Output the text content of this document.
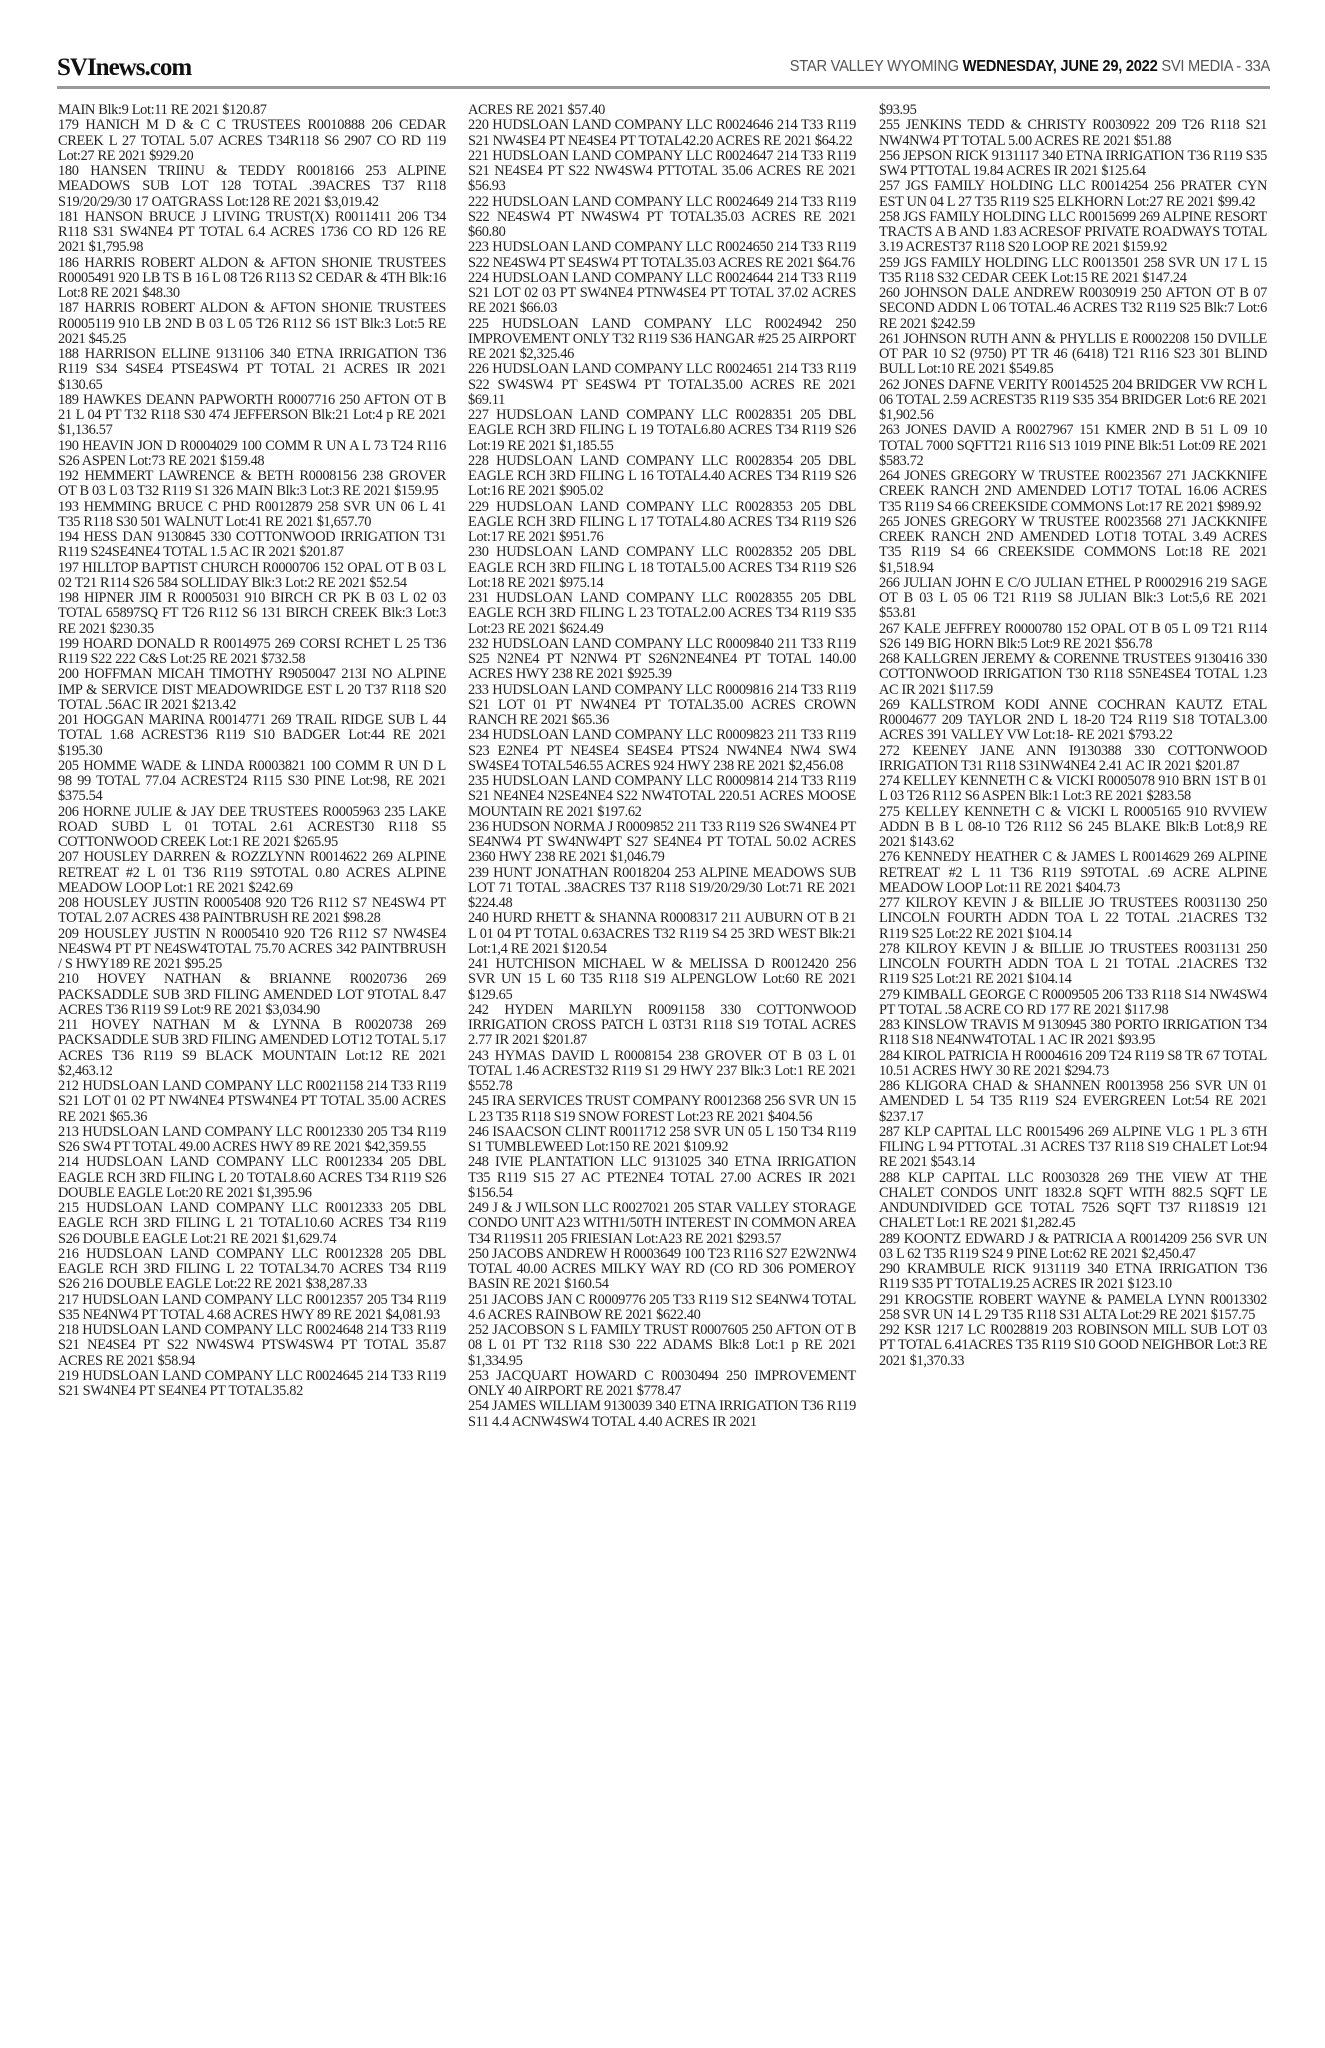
SVInews.com	STAR VALLEY WYOMING WEDNESDAY, JUNE 29, 2022 SVI MEDIA - 33A

MAIN Blk:9 Lot:11 RE 2021 $120.87

179 HANICH M D & C C TRUSTEES R0010888 206 CEDAR CREEK L 27 TOTAL 5.07 ACRES T34R118 S6 2907 CO RD 119 Lot:27 RE 2021 $929.20

180 HANSEN TRIINU & TEDDY R0018166 253 ALPINE MEADOWS SUB LOT 128 TOTAL .39ACRES T37 R118 S19/20/29/30 17 OATGRASS Lot:128 RE 2021 $3,019.42

181 HANSON BRUCE J LIVING TRUST(X) R0011411 206 T34 R118 S31 SW4NE4 PT TOTAL 6.4 ACRES 1736 CO RD 126 RE 2021 $1,795.98

186 HARRIS ROBERT ALDON & AFTON SHONIE TRUSTEES R0005491 920 LB TS B 16 L 08 T26 R113 S2 CEDAR & 4TH Blk:16 Lot:8 RE 2021 $48.30

187 HARRIS ROBERT ALDON & AFTON SHONIE TRUSTEES R0005119 910 LB 2ND B 03 L 05 T26 R112 S6 1ST Blk:3 Lot:5 RE 2021 $45.25

188 HARRISON ELLINE 9131106 340 ETNA IRRIGATION T36 R119 S34 S4SE4 PTSE4SW4 PT TOTAL 21 ACRES IR 2021 $130.65

189 HAWKES DEANN PAPWORTH R0007716 250 AFTON OT B 21 L 04 PT T32 R118 S30 474 JEFFERSON Blk:21 Lot:4 p RE 2021 $1,136.57

190 HEAVIN JON D R0004029 100 COMM R UN A L 73 T24 R116 S26 ASPEN Lot:73 RE 2021 $159.48

192 HEMMERT LAWRENCE & BETH R0008156 238 GROVER OT B 03 L 03 T32 R119 S1 326 MAIN Blk:3 Lot:3 RE 2021 $159.95

193 HEMMING BRUCE C PHD R0012879 258 SVR UN 06 L 41 T35 R118 S30 501 WALNUT Lot:41 RE 2021 $1,657.70

194 HESS DAN 9130845 330 COTTONWOOD IRRIGATION T31 R119 S24SE4NE4 TOTAL 1.5 AC IR 2021 $201.87

197 HILLTOP BAPTIST CHURCH R0000706 152 OPAL OT B 03 L 02 T21 R114 S26 584 SOLLIDAY Blk:3 Lot:2 RE 2021 $52.54

198 HIPNER JIM R R0005031 910 BIRCH CR PK B 03 L 02 03 TOTAL 65897SQ FT T26 R112 S6 131 BIRCH CREEK Blk:3 Lot:3 RE 2021 $230.35

199 HOARD DONALD R R0014975 269 CORSI RCHET L 25 T36 R119 S22 222 C&S Lot:25 RE 2021 $732.58

200 HOFFMAN MICAH TIMOTHY R9050047 213I NO ALPINE IMP & SERVICE DIST MEADOWRIDGE EST L 20 T37 R118 S20 TOTAL .56AC IR 2021 $213.42

201 HOGGAN MARINA R0014771 269 TRAIL RIDGE SUB L 44 TOTAL 1.68 ACREST36 R119 S10 BADGER Lot:44 RE 2021 $195.30

205 HOMME WADE & LINDA R0003821 100 COMM R UN D L 98 99 TOTAL 77.04 ACREST24 R115 S30 PINE Lot:98, RE 2021 $375.54

206 HORNE JULIE & JAY DEE TRUSTEES R0005963 235 LAKE ROAD SUBD L 01 TOTAL 2.61 ACREST30 R118 S5 COTTONWOOD CREEK Lot:1 RE 2021 $265.95

207 HOUSLEY DARREN & ROZZLYNN R0014622 269 ALPINE RETREAT #2 L 01 T36 R119 S9TOTAL 0.80 ACRES ALPINE MEADOW LOOP Lot:1 RE 2021 $242.69

208 HOUSLEY JUSTIN R0005408 920 T26 R112 S7 NE4SW4 PT TOTAL 2.07 ACRES 438 PAINTBRUSH RE 2021 $98.28

209 HOUSLEY JUSTIN N R0005410 920 T26 R112 S7 NW4SE4 NE4SW4 PT PT NE4SW4TOTAL 75.70 ACRES 342 PAINTBRUSH / S HWY189 RE 2021 $95.25

210 HOVEY NATHAN & BRIANNE R0020736 269 PACKSADDLE SUB 3RD FILING AMENDED LOT 9TOTAL 8.47 ACRES T36 R119 S9 Lot:9 RE 2021 $3,034.90

211 HOVEY NATHAN M & LYNNA B R0020738 269 PACKSADDLE SUB 3RD FILING AMENDED LOT12 TOTAL 5.17 ACRES T36 R119 S9 BLACK MOUNTAIN Lot:12 RE 2021 $2,463.12

212 HUDSLOAN LAND COMPANY LLC R0021158 214 T33 R119 S21 LOT 01 02 PT NW4NE4 PTSW4NE4 PT TOTAL 35.00 ACRES RE 2021 $65.36

213 HUDSLOAN LAND COMPANY LLC R0012330 205 T34 R119 S26 SW4 PT TOTAL 49.00 ACRES HWY 89 RE 2021 $42,359.55

214 HUDSLOAN LAND COMPANY LLC R0012334 205 DBL EAGLE RCH 3RD FILING L 20 TOTAL8.60 ACRES T34 R119 S26 DOUBLE EAGLE Lot:20 RE 2021 $1,395.96

215 HUDSLOAN LAND COMPANY LLC R0012333 205 DBL EAGLE RCH 3RD FILING L 21 TOTAL10.60 ACRES T34 R119 S26 DOUBLE EAGLE Lot:21 RE 2021 $1,629.74

216 HUDSLOAN LAND COMPANY LLC R0012328 205 DBL EAGLE RCH 3RD FILING L 22 TOTAL34.70 ACRES T34 R119 S26 216 DOUBLE EAGLE Lot:22 RE 2021 $38,287.33

217 HUDSLOAN LAND COMPANY LLC R0012357 205 T34 R119 S35 NE4NW4 PT TOTAL 4.68 ACRES HWY 89 RE 2021 $4,081.93

218 HUDSLOAN LAND COMPANY LLC R0024648 214 T33 R119 S21 NE4SE4 PT S22 NW4SW4 PTSW4SW4 PT TOTAL 35.87 ACRES RE 2021 $58.94

219 HUDSLOAN LAND COMPANY LLC R0024645 214 T33 R119 S21 SW4NE4 PT SE4NE4 PT TOTAL35.82

ACRES RE 2021 $57.40

220 HUDSLOAN LAND COMPANY LLC R0024646 214 T33 R119 S21 NW4SE4 PT NE4SE4 PT TOTAL42.20 ACRES RE 2021 $64.22

221 HUDSLOAN LAND COMPANY LLC R0024647 214 T33 R119 S21 NE4SE4 PT S22 NW4SW4 PTTOTAL 35.06 ACRES RE 2021 $56.93

222 HUDSLOAN LAND COMPANY LLC R0024649 214 T33 R119 S22 NE4SW4 PT NW4SW4 PT TOTAL35.03 ACRES RE 2021 $60.80

223 HUDSLOAN LAND COMPANY LLC R0024650 214 T33 R119 S22 NE4SW4 PT SE4SW4 PT TOTAL35.03 ACRES RE 2021 $64.76

224 HUDSLOAN LAND COMPANY LLC R0024644 214 T33 R119 S21 LOT 02 03 PT SW4NE4 PTNW4SE4 PT TOTAL 37.02 ACRES RE 2021 $66.03

225 HUDSLOAN LAND COMPANY LLC R0024942 250 IMPROVEMENT ONLY T32 R119 S36 HANGAR #25 25 AIRPORT RE 2021 $2,325.46

226 HUDSLOAN LAND COMPANY LLC R0024651 214 T33 R119 S22 SW4SW4 PT SE4SW4 PT TOTAL35.00 ACRES RE 2021 $69.11

227 HUDSLOAN LAND COMPANY LLC R0028351 205 DBL EAGLE RCH 3RD FILING L 19 TOTAL6.80 ACRES T34 R119 S26 Lot:19 RE 2021 $1,185.55

228 HUDSLOAN LAND COMPANY LLC R0028354 205 DBL EAGLE RCH 3RD FILING L 16 TOTAL4.40 ACRES T34 R119 S26 Lot:16 RE 2021 $905.02

229 HUDSLOAN LAND COMPANY LLC R0028353 205 DBL EAGLE RCH 3RD FILING L 17 TOTAL4.80 ACRES T34 R119 S26 Lot:17 RE 2021 $951.76

230 HUDSLOAN LAND COMPANY LLC R0028352 205 DBL EAGLE RCH 3RD FILING L 18 TOTAL5.00 ACRES T34 R119 S26 Lot:18 RE 2021 $975.14

231 HUDSLOAN LAND COMPANY LLC R0028355 205 DBL EAGLE RCH 3RD FILING L 23 TOTAL2.00 ACRES T34 R119 S35 Lot:23 RE 2021 $624.49

232 HUDSLOAN LAND COMPANY LLC R0009840 211 T33 R119 S25 N2NE4 PT N2NW4 PT S26N2NE4NE4 PT TOTAL 140.00 ACRES HWY 238 RE 2021 $925.39

233 HUDSLOAN LAND COMPANY LLC R0009816 214 T33 R119 S21 LOT 01 PT NW4NE4 PT TOTAL35.00 ACRES CROWN RANCH RE 2021 $65.36

234 HUDSLOAN LAND COMPANY LLC R0009823 211 T33 R119 S23 E2NE4 PT NE4SE4 SE4SE4 PTS24 NW4NE4 NW4 SW4 SW4SE4 TOTAL546.55 ACRES 924 HWY 238 RE 2021 $2,456.08

235 HUDSLOAN LAND COMPANY LLC R0009814 214 T33 R119 S21 NE4NE4 N2SE4NE4 S22 NW4TOTAL 220.51 ACRES MOOSE MOUNTAIN RE 2021 $197.62

236 HUDSON NORMA J R0009852 211 T33 R119 S26 SW4NE4 PT SE4NW4 PT SW4NW4PT S27 SE4NE4 PT TOTAL 50.02 ACRES 2360 HWY 238 RE 2021 $1,046.79

239 HUNT JONATHAN R0018204 253 ALPINE MEADOWS SUB LOT 71 TOTAL .38ACRES T37 R118 S19/20/29/30 Lot:71 RE 2021 $224.48

240 HURD RHETT & SHANNA R0008317 211 AUBURN OT B 21 L 01 04 PT TOTAL 0.63ACRES T32 R119 S4 25 3RD WEST Blk:21 Lot:1,4 RE 2021 $120.54

241 HUTCHISON MICHAEL W & MELISSA D R0012420 256 SVR UN 15 L 60 T35 R118 S19 ALPENGLOW Lot:60 RE 2021 $129.65

242 HYDEN MARILYN R0091158 330 COTTONWOOD IRRIGATION CROSS PATCH L 03T31 R118 S19 TOTAL ACRES 2.77 IR 2021 $201.87

243 HYMAS DAVID L R0008154 238 GROVER OT B 03 L 01 TOTAL 1.46 ACREST32 R119 S1 29 HWY 237 Blk:3 Lot:1 RE 2021 $552.78

245 IRA SERVICES TRUST COMPANY R0012368 256 SVR UN 15 L 23 T35 R118 S19 SNOW FOREST Lot:23 RE 2021 $404.56

246 ISAACSON CLINT R0011712 258 SVR UN 05 L 150 T34 R119 S1 TUMBLEWEED Lot:150 RE 2021 $109.92

248 IVIE PLANTATION LLC 9131025 340 ETNA IRRIGATION T35 R119 S15 27 AC PTE2NE4 TOTAL 27.00 ACRES IR 2021 $156.54

249 J & J WILSON LLC R0027021 205 STAR VALLEY STORAGE CONDO UNIT A23 WITH1/50TH INTEREST IN COMMON AREA T34 R119S11 205 FRIESIAN Lot:A23 RE 2021 $293.57

250 JACOBS ANDREW H R0003649 100 T23 R116 S27 E2W2NW4 TOTAL 40.00 ACRES MILKY WAY RD (CO RD 306 POMEROY BASIN RE 2021 $160.54

251 JACOBS JAN C R0009776 205 T33 R119 S12 SE4NW4 TOTAL 4.6 ACRES RAINBOW RE 2021 $622.40

252 JACOBSON S L FAMILY TRUST R0007605 250 AFTON OT B 08 L 01 PT T32 R118 S30 222 ADAMS Blk:8 Lot:1 p RE 2021 $1,334.95

253 JACQUART HOWARD C R0030494 250 IMPROVEMENT ONLY 40 AIRPORT RE 2021 $778.47

254 JAMES WILLIAM 9130039 340 ETNA IRRIGATION T36 R119 S11 4.4 ACNW4SW4 TOTAL 4.40 ACRES IR 2021

$93.95

255 JENKINS TEDD & CHRISTY R0030922 209 T26 R118 S21 NW4NW4 PT TOTAL 5.00 ACRES RE 2021 $51.88

256 JEPSON RICK 9131117 340 ETNA IRRIGATION T36 R119 S35 SW4 PTTOTAL 19.84 ACRES IR 2021 $125.64

257 JGS FAMILY HOLDING LLC R0014254 256 PRATER CYN EST UN 04 L 27 T35 R119 S25 ELKHORN Lot:27 RE 2021 $99.42

258 JGS FAMILY HOLDING LLC R0015699 269 ALPINE RESORT TRACTS A B AND 1.83 ACRESOF PRIVATE ROADWAYS TOTAL 3.19 ACREST37 R118 S20 LOOP RE 2021 $159.92

259 JGS FAMILY HOLDING LLC R0013501 258 SVR UN 17 L 15 T35 R118 S32 CEDAR CEEK Lot:15 RE 2021 $147.24

260 JOHNSON DALE ANDREW R0030919 250 AFTON OT B 07 SECOND ADDN L 06 TOTAL.46 ACRES T32 R119 S25 Blk:7 Lot:6 RE 2021 $242.59

261 JOHNSON RUTH ANN & PHYLLIS E R0002208 150 DVILLE OT PAR 10 S2 (9750) PT TR 46 (6418) T21 R116 S23 301 BLIND BULL Lot:10 RE 2021 $549.85

262 JONES DAFNE VERITY R0014525 204 BRIDGER VW RCH L 06 TOTAL 2.59 ACREST35 R119 S35 354 BRIDGER Lot:6 RE 2021 $1,902.56

263 JONES DAVID A R0027967 151 KMER 2ND B 51 L 09 10 TOTAL 7000 SQFTT21 R116 S13 1019 PINE Blk:51 Lot:09 RE 2021 $583.72

264 JONES GREGORY W TRUSTEE R0023567 271 JACKKNIFE CREEK RANCH 2ND AMENDED LOT17 TOTAL 16.06 ACRES T35 R119 S4 66 CREEKSIDE COMMONS Lot:17 RE 2021 $989.92

265 JONES GREGORY W TRUSTEE R0023568 271 JACKKNIFE CREEK RANCH 2ND AMENDED LOT18 TOTAL 3.49 ACRES T35 R119 S4 66 CREEKSIDE COMMONS Lot:18 RE 2021 $1,518.94

266 JULIAN JOHN E C/O JULIAN ETHEL P R0002916 219 SAGE OT B 03 L 05 06 T21 R119 S8 JULIAN Blk:3 Lot:5,6 RE 2021 $53.81

267 KALE JEFFREY R0000780 152 OPAL OT B 05 L 09 T21 R114 S26 149 BIG HORN Blk:5 Lot:9 RE 2021 $56.78

268 KALLGREN JEREMY & CORENNE TRUSTEES 9130416 330 COTTONWOOD IRRIGATION T30 R118 S5NE4SE4 TOTAL 1.23 AC IR 2021 $117.59

269 KALLSTROM KODI ANNE COCHRAN KAUTZ ETAL R0004677 209 TAYLOR 2ND L 18-20 T24 R119 S18 TOTAL3.00 ACRES 391 VALLEY VW Lot:18- RE 2021 $793.22

272 KEENEY JANE ANN I9130388 330 COTTONWOOD IRRIGATION T31 R118 S31NW4NE4 2.41 AC IR 2021 $201.87

274 KELLEY KENNETH C & VICKI R0005078 910 BRN 1ST B 01 L 03 T26 R112 S6 ASPEN Blk:1 Lot:3 RE 2021 $283.58

275 KELLEY KENNETH C & VICKI L R0005165 910 RVVIEW ADDN B B L 08-10 T26 R112 S6 245 BLAKE Blk:B Lot:8,9 RE 2021 $143.62

276 KENNEDY HEATHER C & JAMES L R0014629 269 ALPINE RETREAT #2 L 11 T36 R119 S9TOTAL .69 ACRE ALPINE MEADOW LOOP Lot:11 RE 2021 $404.73

277 KILROY KEVIN J & BILLIE JO TRUSTEES R0031130 250 LINCOLN FOURTH ADDN TOA L 22 TOTAL .21ACRES T32 R119 S25 Lot:22 RE 2021 $104.14

278 KILROY KEVIN J & BILLIE JO TRUSTEES R0031131 250 LINCOLN FOURTH ADDN TOA L 21 TOTAL .21ACRES T32 R119 S25 Lot:21 RE 2021 $104.14

279 KIMBALL GEORGE C R0009505 206 T33 R118 S14 NW4SW4 PT TOTAL .58 ACRE CO RD 177 RE 2021 $117.98

283 KINSLOW TRAVIS M 9130945 380 PORTO IRRIGATION T34 R118 S18 NE4NW4TOTAL 1 AC IR 2021 $93.95

284 KIROL PATRICIA H R0004616 209 T24 R119 S8 TR 67 TOTAL 10.51 ACRES HWY 30 RE 2021 $294.73

286 KLIGORA CHAD & SHANNEN R0013958 256 SVR UN 01 AMENDED L 54 T35 R119 S24 EVERGREEN Lot:54 RE 2021 $237.17

287 KLP CAPITAL LLC R0015496 269 ALPINE VLG 1 PL 3 6TH FILING L 94 PTTOTAL .31 ACRES T37 R118 S19 CHALET Lot:94 RE 2021 $543.14

288 KLP CAPITAL LLC R0030328 269 THE VIEW AT THE CHALET CONDOS UNIT 1832.8 SQFT WITH 882.5 SQFT LE ANDUNDIVIDED GCE TOTAL 7526 SQFT T37 R118S19 121 CHALET Lot:1 RE 2021 $1,282.45

289 KOONTZ EDWARD J & PATRICIA A R0014209 256 SVR UN 03 L 62 T35 R119 S24 9 PINE Lot:62 RE 2021 $2,450.47

290 KRAMBULE RICK 9131119 340 ETNA IRRIGATION T36 R119 S35 PT TOTAL19.25 ACRES IR 2021 $123.10

291 KROGSTIE ROBERT WAYNE & PAMELA LYNN R0013302 258 SVR UN 14 L 29 T35 R118 S31 ALTA Lot:29 RE 2021 $157.75

292 KSR 1217 LC R0028819 203 ROBINSON MILL SUB LOT 03 PT TOTAL 6.41ACRES T35 R119 S10 GOOD NEIGHBOR Lot:3 RE 2021 $1,370.33
